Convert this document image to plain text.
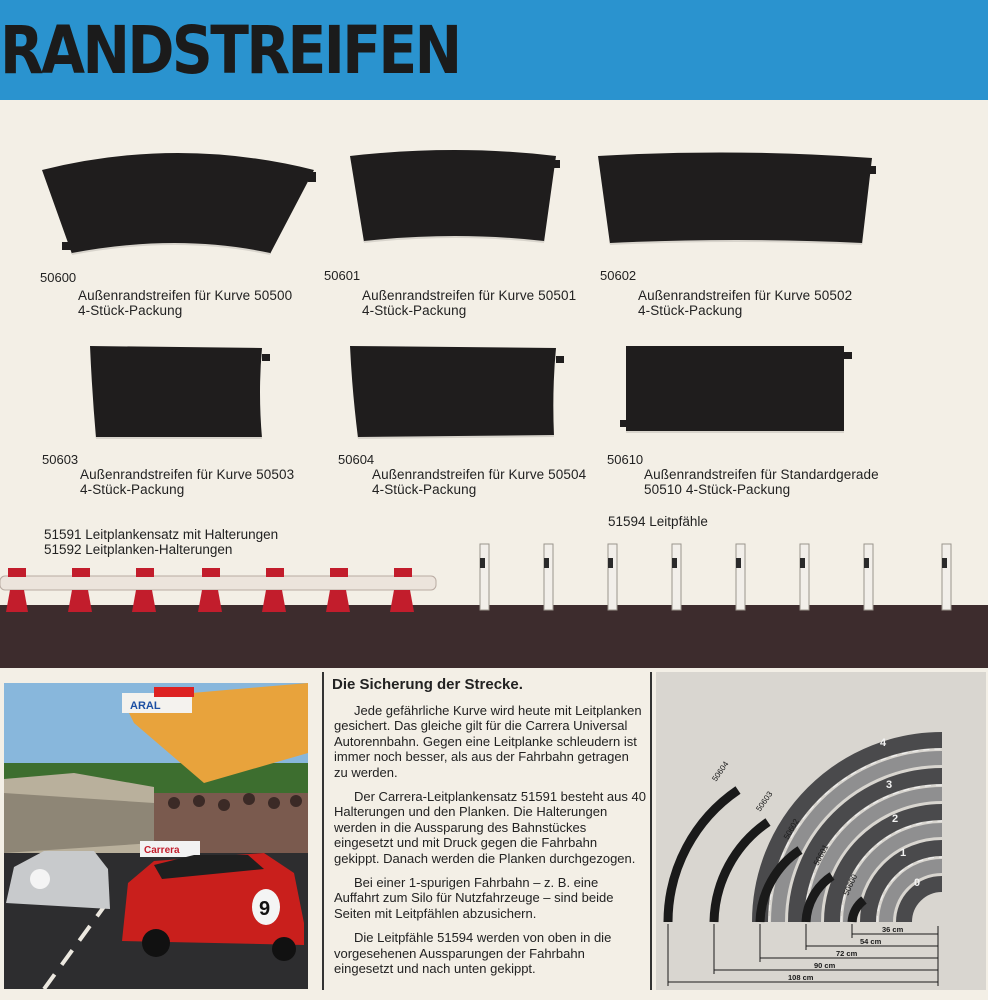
RANDSTREIFEN
50600
Außenrandstreifen für Kurve 50500
4-Stück-Packung
50601
Außenrandstreifen für Kurve 50501
4-Stück-Packung
50602
Außenrandstreifen für Kurve 50502
4-Stück-Packung
50603
Außenrandstreifen für Kurve 50503
4-Stück-Packung
50604
Außenrandstreifen für Kurve 50504
4-Stück-Packung
50610
Außenrandstreifen für Standardgerade
50510 4-Stück-Packung
51591 Leitplankensatz mit Halterungen
51592 Leitplanken-Halterungen
51594 Leitpfähle
ARAL
Carrera
9
Die Sicherung der Strecke.

Jede gefährliche Kurve wird heute mit Leitplanken gesichert. Das gleiche gilt für die Carrera Universal Autorennbahn. Gegen eine Leitplanke schleudern ist immer noch besser, als aus der Fahrbahn getragen zu werden.

Der Carrera-Leitplankensatz 51591 besteht aus 40 Halterungen und den Planken. Die Halterungen werden in die Aussparung des Bahnstückes eingesetzt und mit Druck gegen die Fahrbahn gekippt. Danach werden die Planken durchgezogen.

Bei einer 1-spurigen Fahrbahn – z. B. eine Auffahrt zum Silo für Nutzfahrzeuge – sind beide Seiten mit Leitpfählen abzusichern.

Die Leitpfähle 51594 werden von oben in die vorgesehenen Aussparungen der Fahrbahn eingesetzt und nach unten gekippt.

50604
50603
50602
50601
50600
4
3
2
1
0
36 cm
54 cm
72 cm
90 cm
108 cm
